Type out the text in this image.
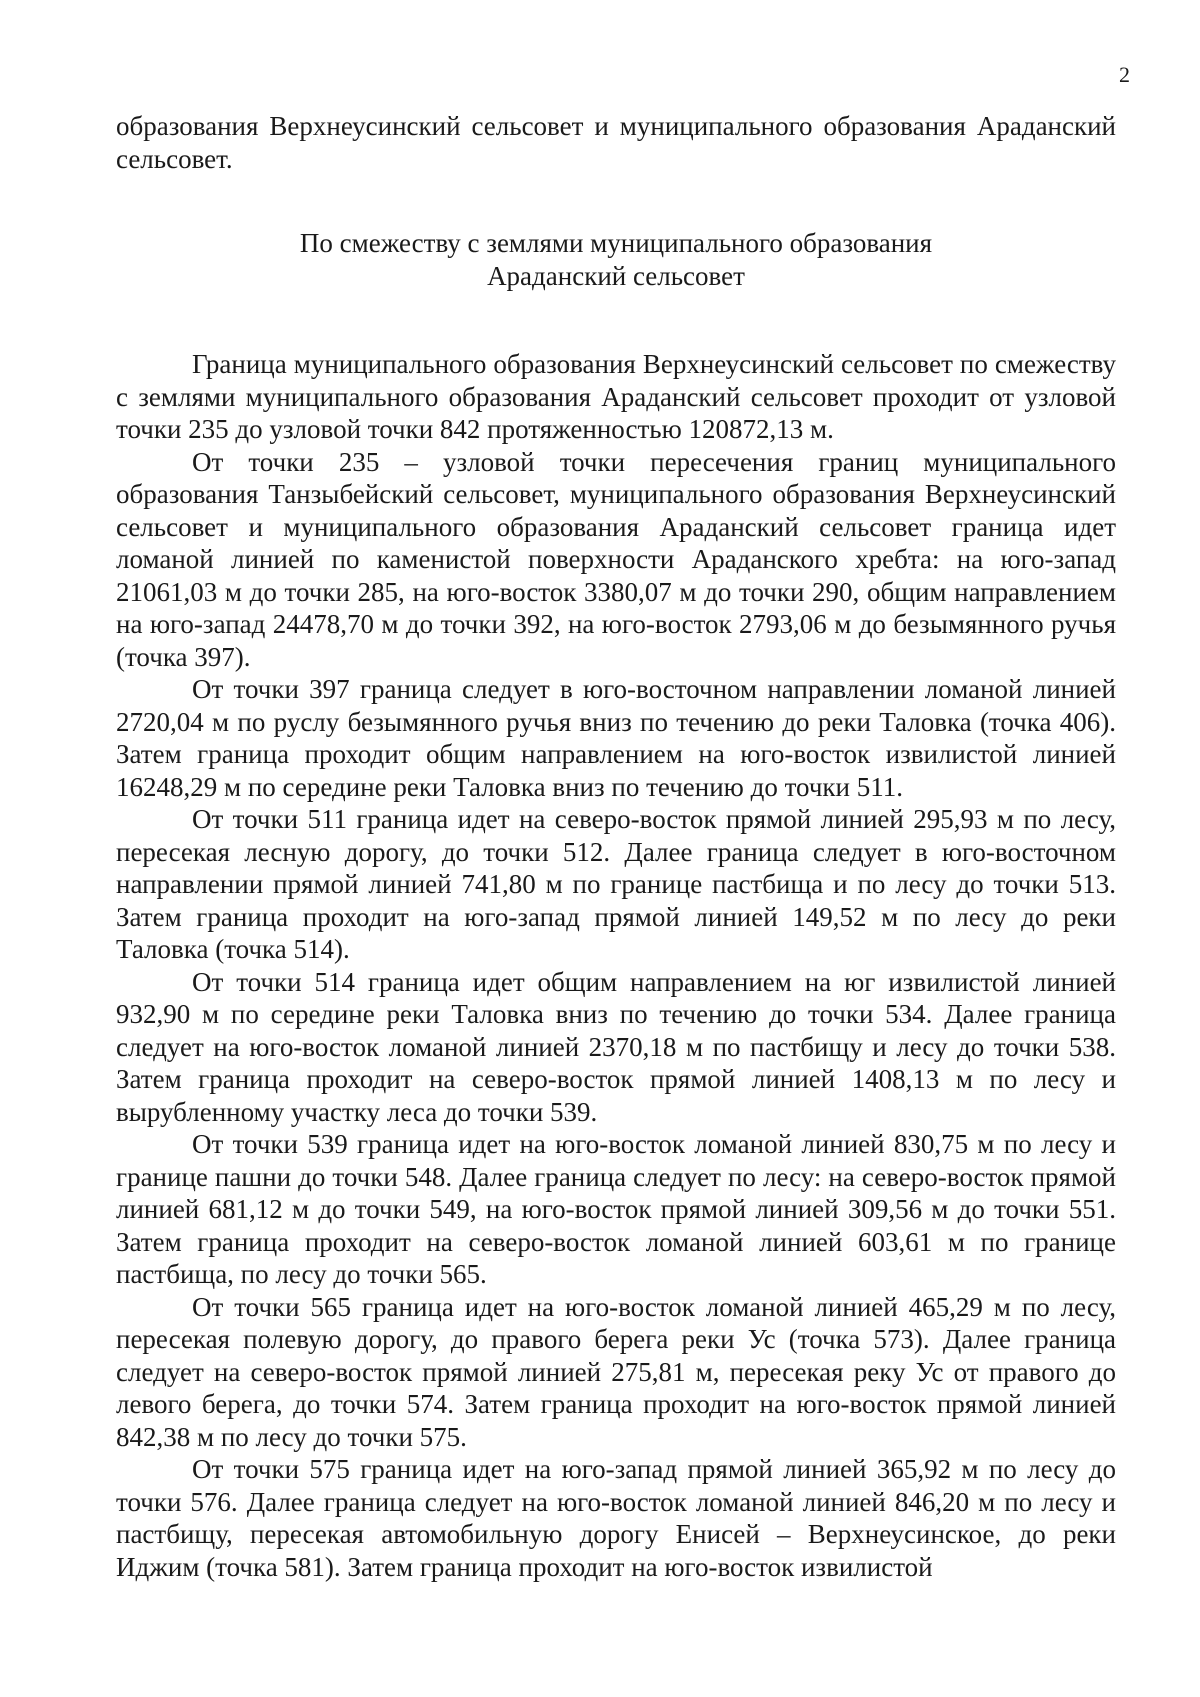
2

образования Верхнеусинский сельсовет и муниципального образования Араданский сельсовет.

По смежеству с землями муниципального образования
Араданский сельсовет

Граница муниципального образования Верхнеусинский сельсовет по смежеству с землями муниципального образования Араданский сельсовет проходит от узловой точки 235 до узловой точки 842 протяженностью 120872,13 м.

От точки 235 – узловой точки пересечения границ муниципального образования Танзыбейский сельсовет, муниципального образования Верхнеусинский сельсовет и муниципального образования Араданский сельсовет граница идет ломаной линией по каменистой поверхности Араданского хребта: на юго-запад 21061,03 м до точки 285, на юго-восток 3380,07 м до точки 290, общим направлением на юго-запад 24478,70 м до точки 392, на юго-восток 2793,06 м до безымянного ручья (точка 397).

От точки 397 граница следует в юго-восточном направлении ломаной линией 2720,04 м по руслу безымянного ручья вниз по течению до реки Таловка (точка 406). Затем граница проходит общим направлением на юго-восток извилистой линией 16248,29 м по середине реки Таловка вниз по течению до точки 511.

От точки 511 граница идет на северо-восток прямой линией 295,93 м по лесу, пересекая лесную дорогу, до точки 512. Далее граница следует в юго-восточном направлении прямой линией 741,80 м по границе пастбища и по лесу до точки 513. Затем граница проходит на юго-запад прямой линией 149,52 м по лесу до реки Таловка (точка 514).

От точки 514 граница идет общим направлением на юг извилистой линией 932,90 м по середине реки Таловка вниз по течению до точки 534. Далее граница следует на юго-восток ломаной линией 2370,18 м по пастбищу и лесу до точки 538. Затем граница проходит на северо-восток прямой линией 1408,13 м по лесу и вырубленному участку леса до точки 539.

От точки 539 граница идет на юго-восток ломаной линией 830,75 м по лесу и границе пашни до точки 548. Далее граница следует по лесу: на северо-восток прямой линией 681,12 м до точки 549, на юго-восток прямой линией 309,56 м до точки 551. Затем граница проходит на северо-восток ломаной линией 603,61 м по границе пастбища, по лесу до точки 565.

От точки 565 граница идет на юго-восток ломаной линией 465,29 м по лесу, пересекая полевую дорогу, до правого берега реки Ус (точка 573). Далее граница следует на северо-восток прямой линией 275,81 м, пересекая реку Ус от правого до левого берега, до точки 574. Затем граница проходит на юго-восток прямой линией 842,38 м по лесу до точки 575.

От точки 575 граница идет на юго-запад прямой линией 365,92 м по лесу до точки 576. Далее граница следует на юго-восток ломаной линией 846,20 м по лесу и пастбищу, пересекая автомобильную дорогу Енисей – Верхнеусинское, до реки Иджим (точка 581). Затем граница проходит на юго-восток извилистой
